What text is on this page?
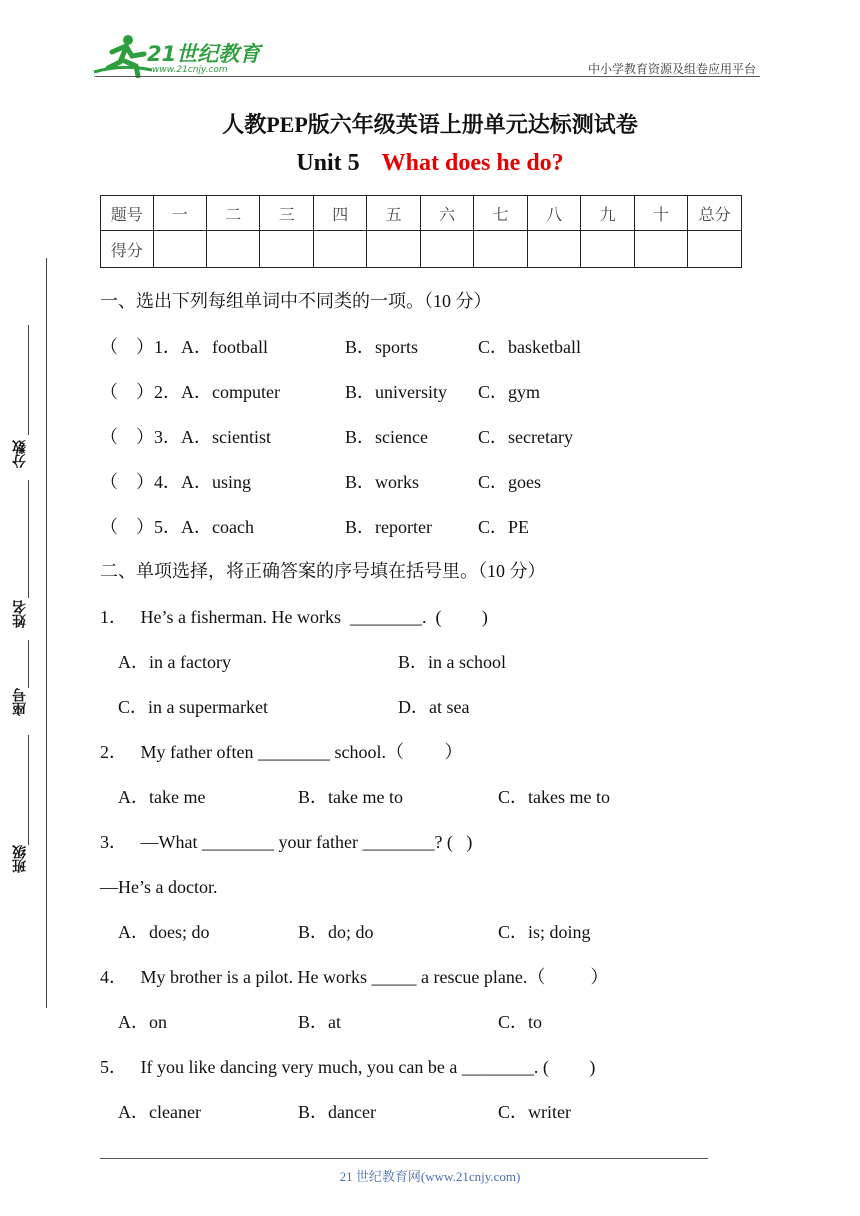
21世纪教育
www.21cnjy.com	中小学教育资源及组卷应用平台
人教PEP版六年级英语上册单元达标测试卷
Unit 5 What does he do?
题号	一	二	三	四	五	六	七	八	九	十	总分
得分											
分数
姓名
座号
班级
一、选出下列每组单词中不同类的一项。（10 分）
（    ）1．A．football	B．sports	C．basketball
（    ）2．A．computer	B．university C．gym
（    ）3．A．scientist	B．science	C．secretary
（    ）4．A．using	B．works	C．goes
（    ）5．A．coach	B．reporter	C．PE
二、单项选择，将正确答案的序号填在括号里。（10 分）
1．   He’s a fisherman. He works  ________.  (         )
A．in a factory	B．in a school
C．in a supermarket	D．at sea
2．   My father often ________ school.（         ）
A．take me	B．take me to	C．takes me to
3．   —What ________ your father ________? (   )
—He’s a doctor.
A．does; do	B．do; do	C．is; doing
4．   My brother is a pilot. He works _____ a rescue plane.（          ）
A．on	B．at	C．to
5．   If you like dancing very much, you can be a ________. (         )
A．cleaner	B．dancer	C．writer
21 世纪教育网(www.21cnjy.com)
